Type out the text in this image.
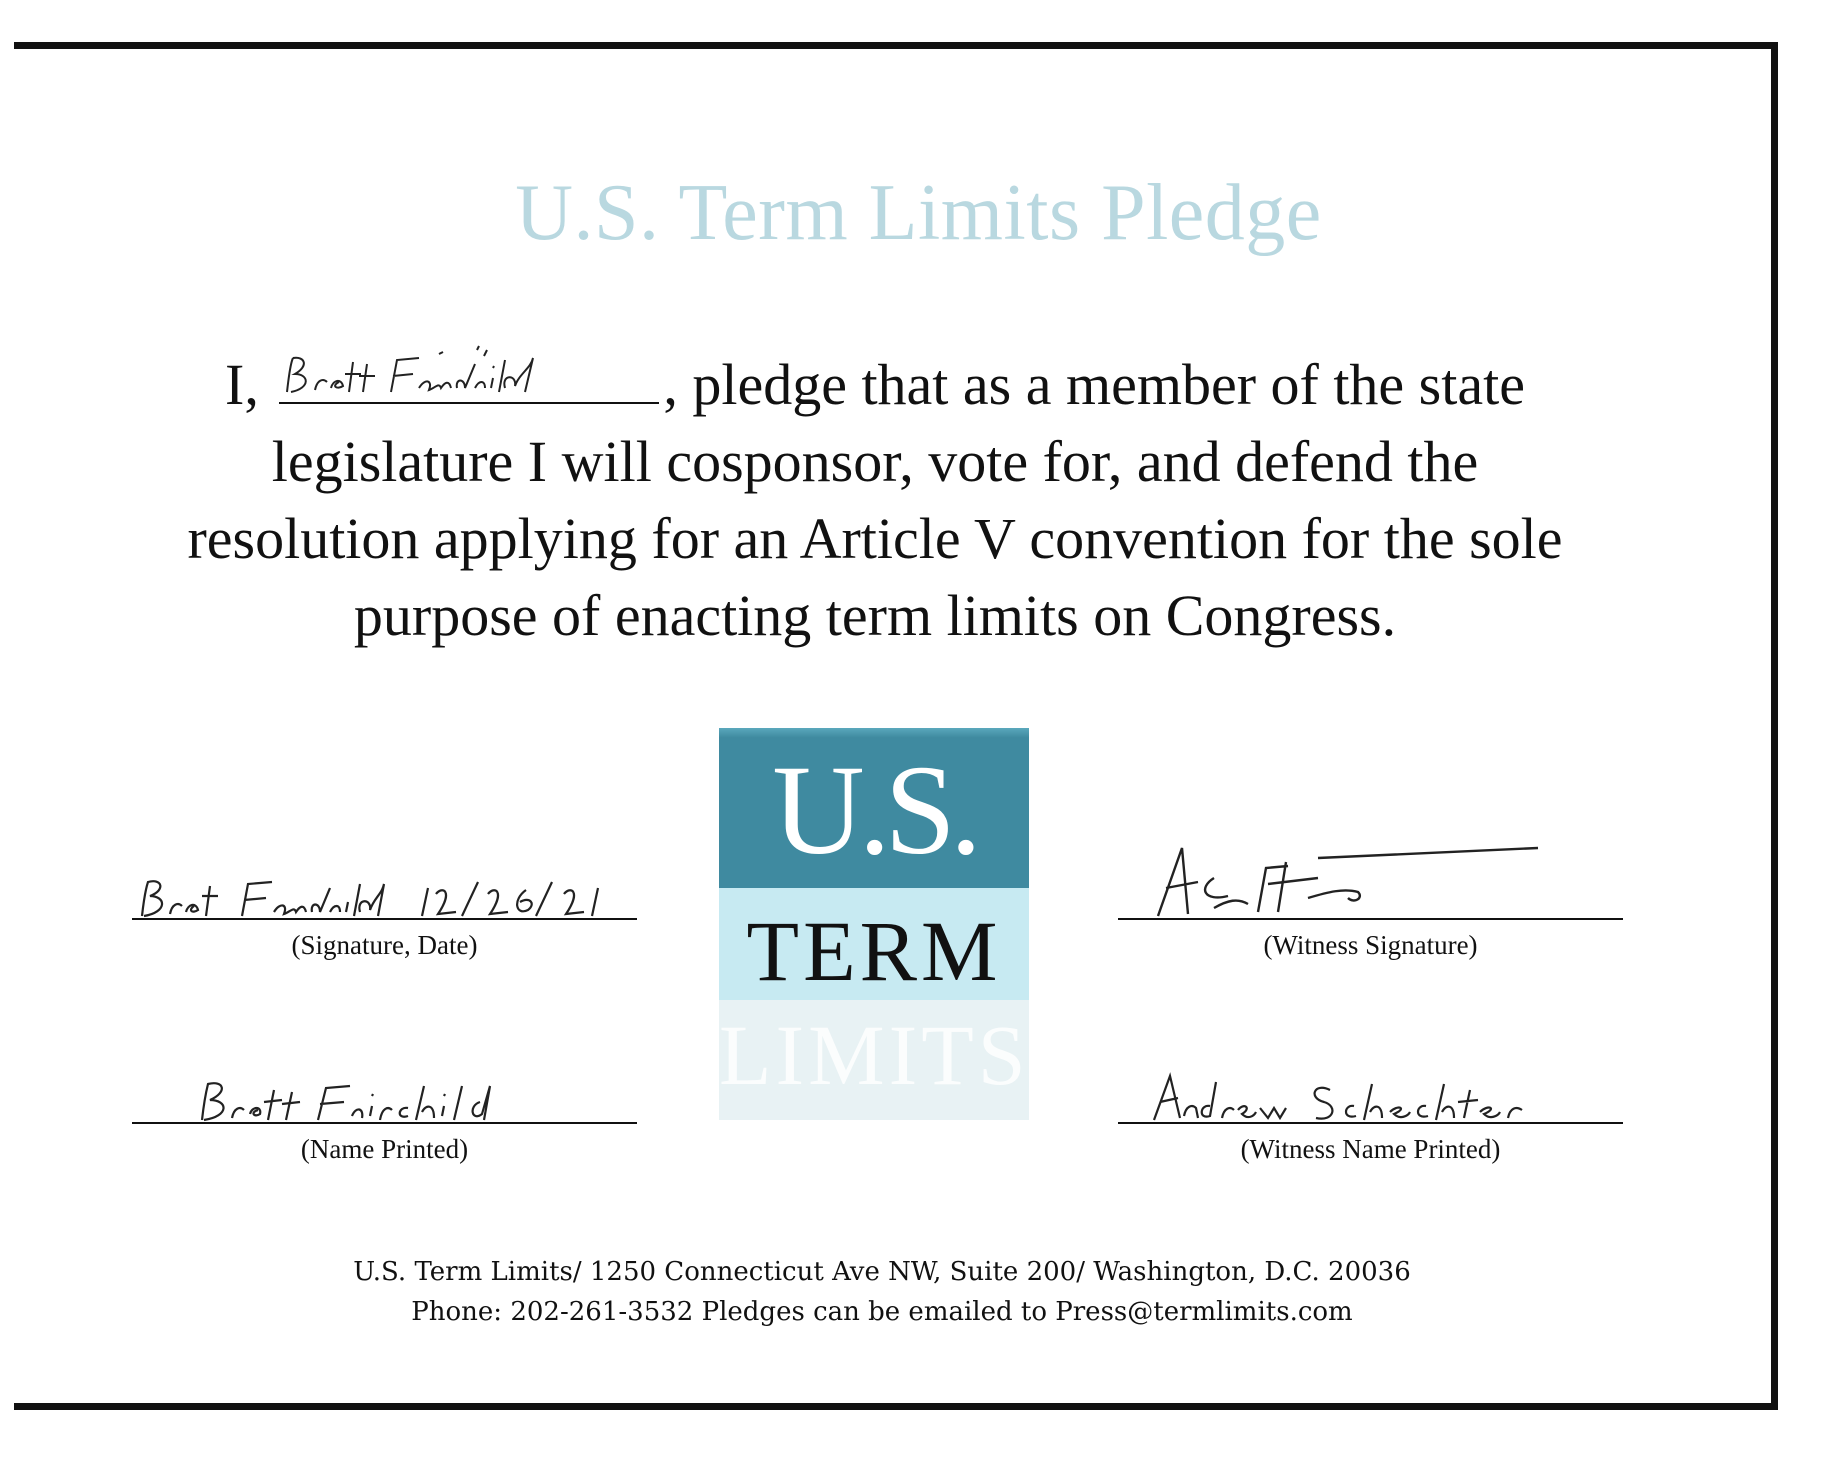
U.S. Term Limits Pledge
I,	, pledge that as a member of the state
legislature I will cosponsor, vote for, and defend the
resolution applying for an Article V convention for the sole
purpose of enacting term limits on Congress.
(Signature, Date)	(Witness Signature)
(Name Printed)	(Witness Name Printed)
U.S.
TERM
LIMITS
U.S. Term Limits/ 1250 Connecticut Ave NW, Suite 200/ Washington, D.C. 20036
Phone: 202-261-3532 Pledges can be emailed to Press@termlimits.com
